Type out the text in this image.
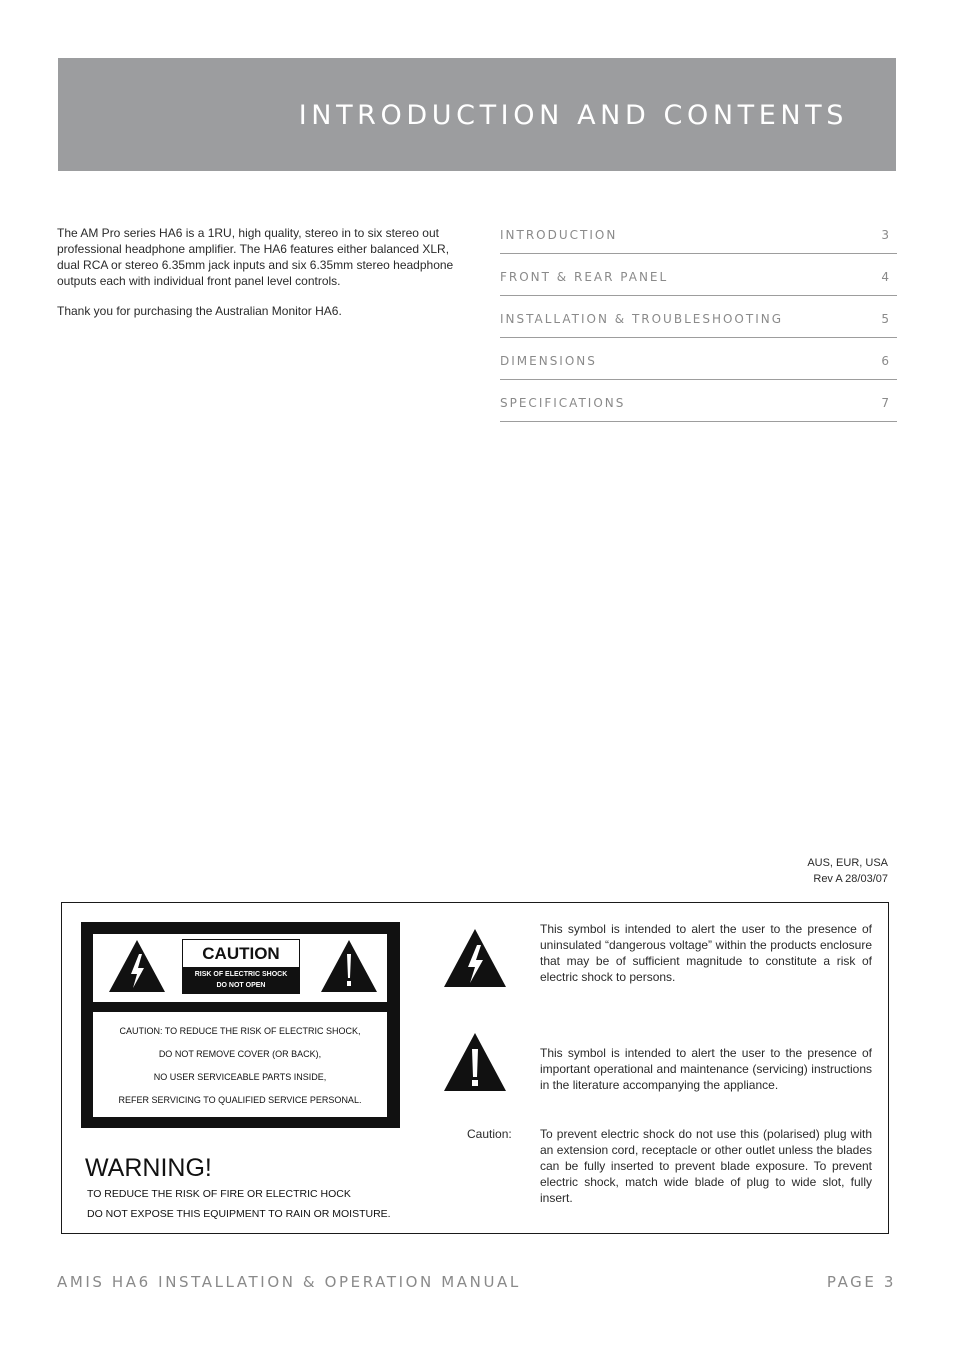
INTRODUCTION AND CONTENTS

The AM Pro series HA6 is a 1RU, high quality, stereo in to six stereo out professional headphone amplifier. The HA6 features either balanced XLR, dual RCA or stereo 6.35mm jack inputs and six 6.35mm stereo headphone outputs each with individual front panel level controls.

Thank you for purchasing the Australian Monitor HA6.

INTRODUCTION	3
FRONT & REAR PANEL	4
INSTALLATION & TROUBLESHOOTING	5
DIMENSIONS	6
SPECIFICATIONS	7
AUS, EUR, USA
Rev A 28/03/07
CAUTION
RISK OF ELECTRIC SHOCK
DO NOT OPEN
CAUTION: TO REDUCE THE RISK OF ELECTRIC SHOCK,
DO NOT REMOVE COVER (OR BACK),
NO USER SERVICEABLE PARTS INSIDE,
REFER SERVICING TO QUALIFIED SERVICE PERSONAL.
WARNING!
TO REDUCE THE RISK OF FIRE OR ELECTRIC HOCK
DO NOT EXPOSE THIS EQUIPMENT TO RAIN OR MOISTURE.
This symbol is intended to alert the user to the presence of uninsulated “dangerous voltage” within the products enclosure that may be of sufficient magnitude to constitute a risk of electric shock to persons.
This symbol is intended to alert the user to the presence of important operational and maintenance (servicing) instructions in the literature accompanying the appliance.
Caution: To prevent electric shock do not use this (polarised) plug with an extension cord, receptacle or other outlet unless the blades can be fully inserted to prevent blade exposure. To prevent electric shock, match wide blade of plug to wide slot, fully insert.
AMIS HA6 INSTALLATION & OPERATION MANUAL	PAGE 3
